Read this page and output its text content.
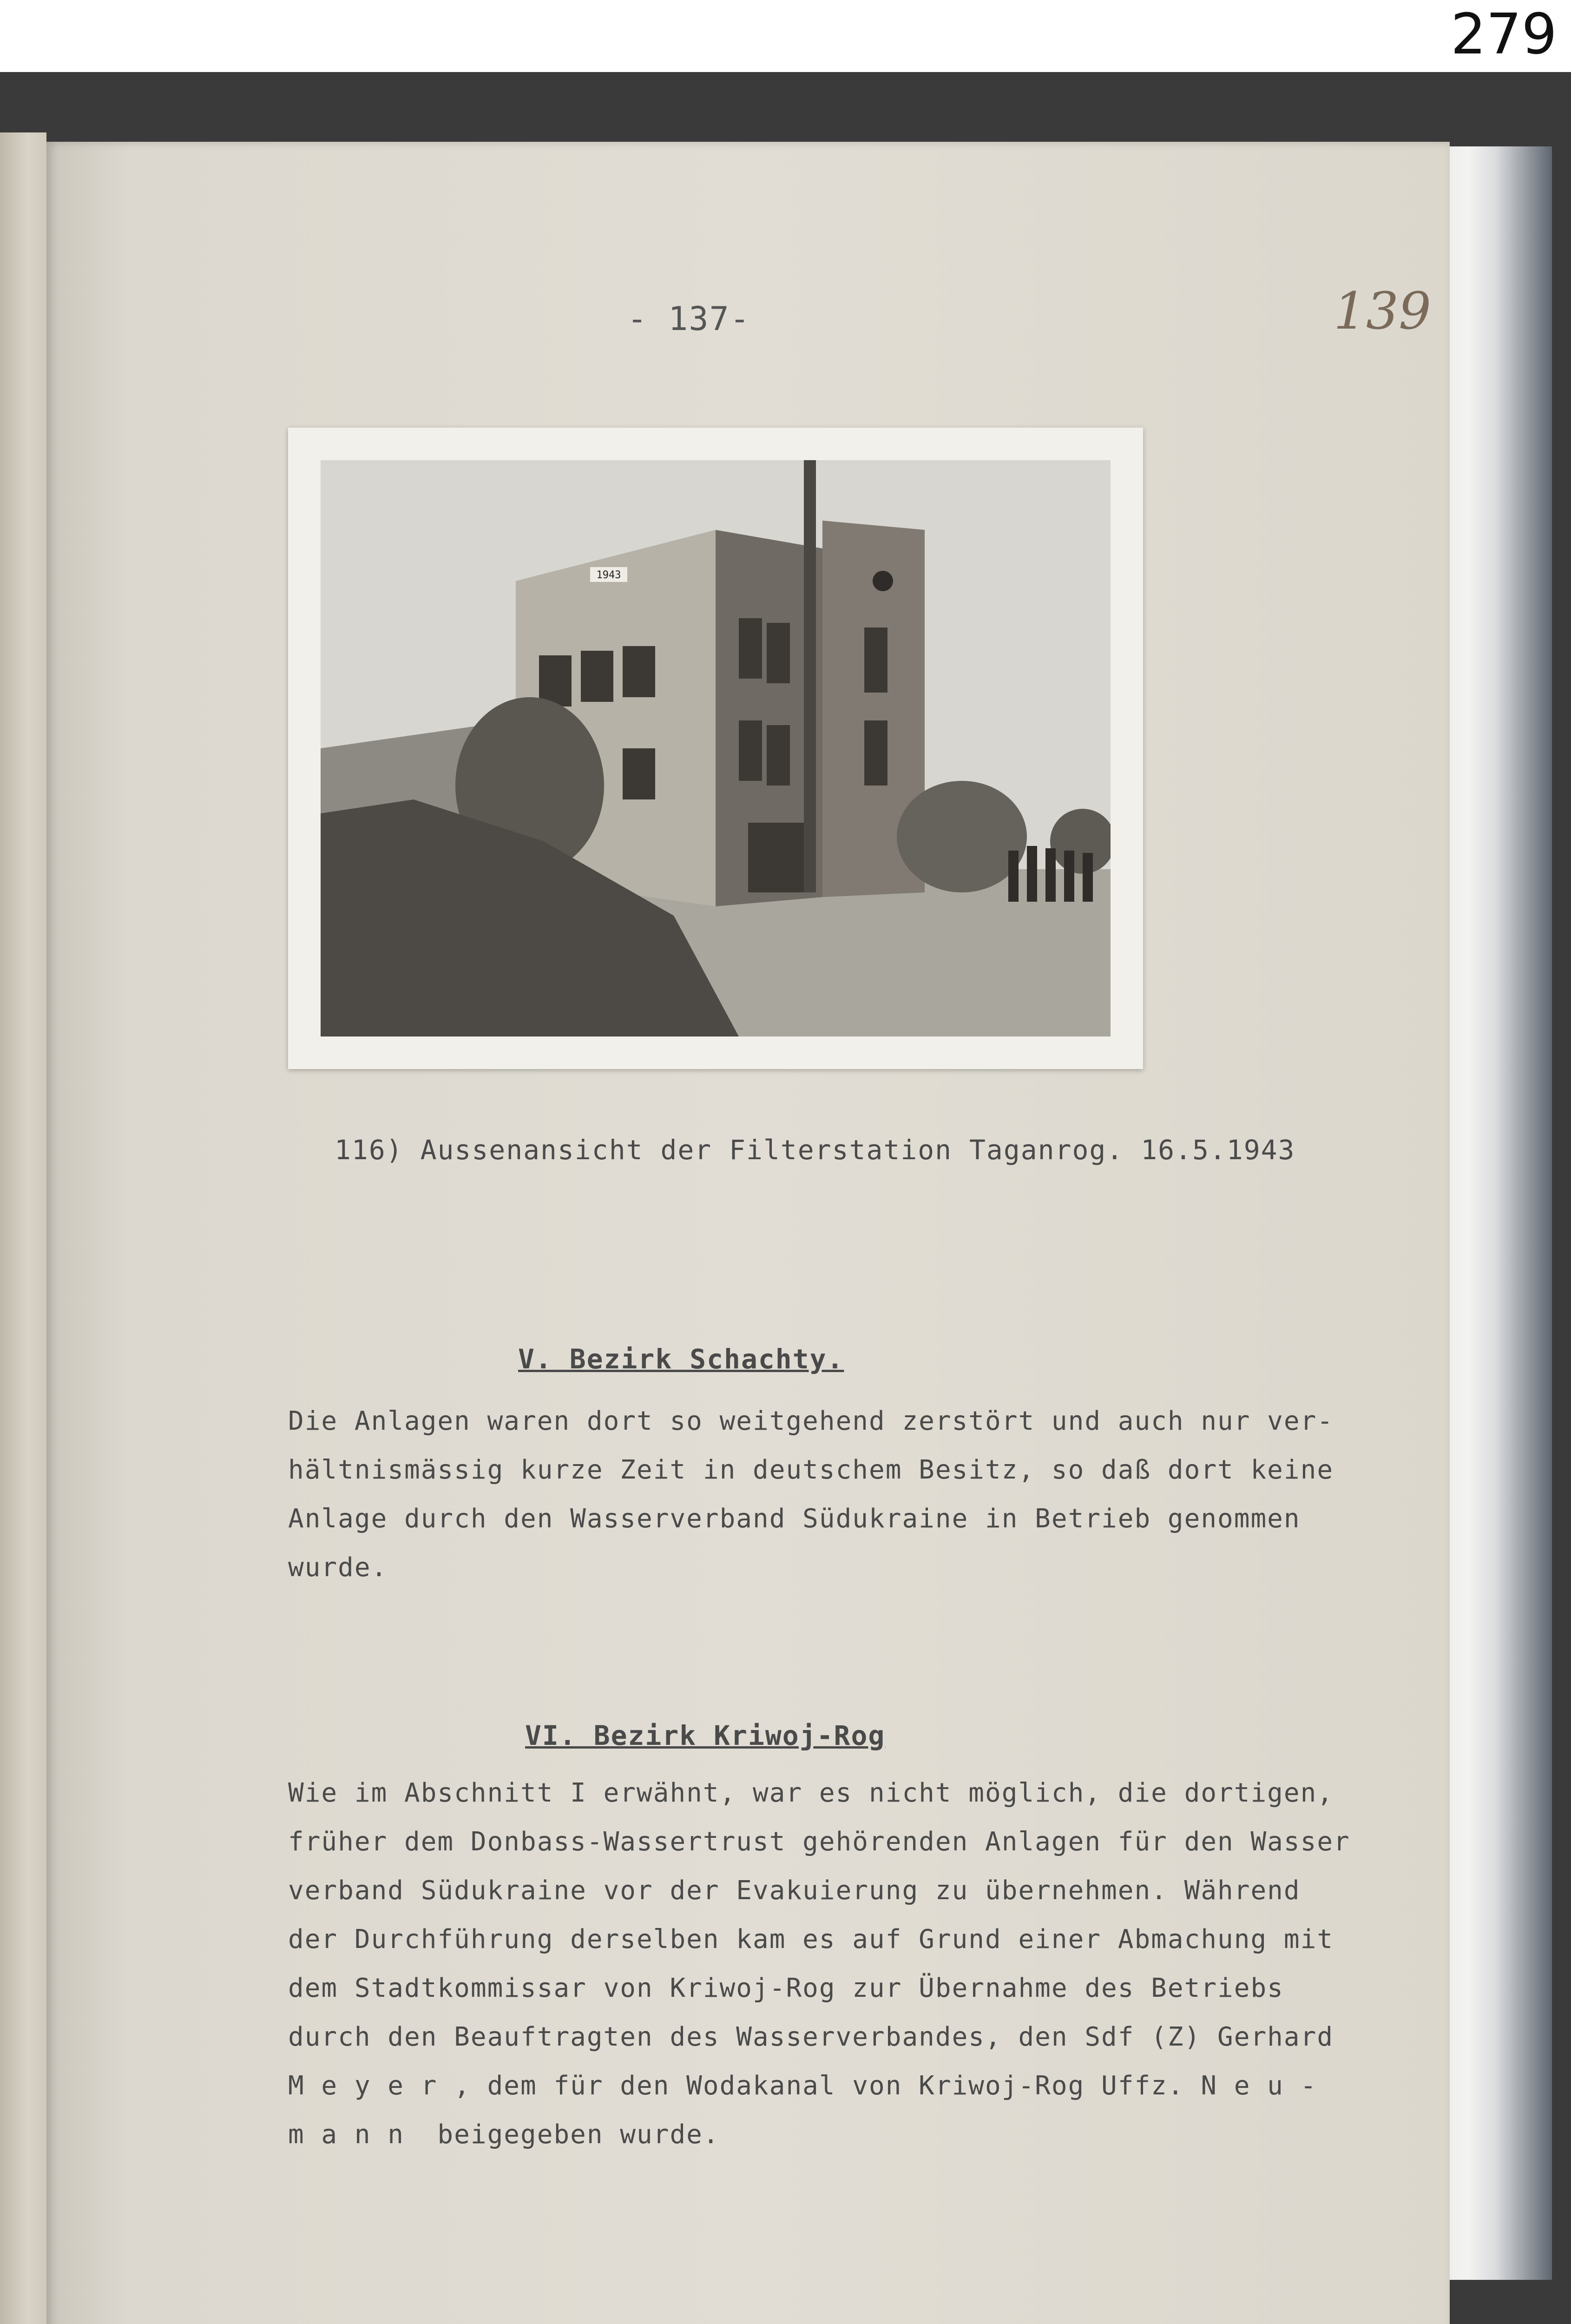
279
- 137-	139
1943
116) Aussenansicht der Filterstation Taganrog. 16.5.1943
V. Bezirk Schachty.
Die Anlagen waren dort so weitgehend zerstört und auch nur ver-
hältnismässig kurze Zeit in deutschem Besitz, so daß dort keine
Anlage durch den Wasserverband Südukraine in Betrieb genommen
wurde.
VI. Bezirk Kriwoj-Rog
Wie im Abschnitt I erwähnt, war es nicht möglich, die dortigen,
früher dem Donbass-Wassertrust gehörenden Anlagen für den Wasser
verband Südukraine vor der Evakuierung zu übernehmen. Während
der Durchführung derselben kam es auf Grund einer Abmachung mit
dem Stadtkommissar von Kriwoj-Rog zur Übernahme des Betriebs
durch den Beauftragten des Wasserverbandes, den Sdf (Z) Gerhard
M e y e r , dem für den Wodakanal von Kriwoj-Rog Uffz. N e u -
m a n n  beigegeben wurde.
